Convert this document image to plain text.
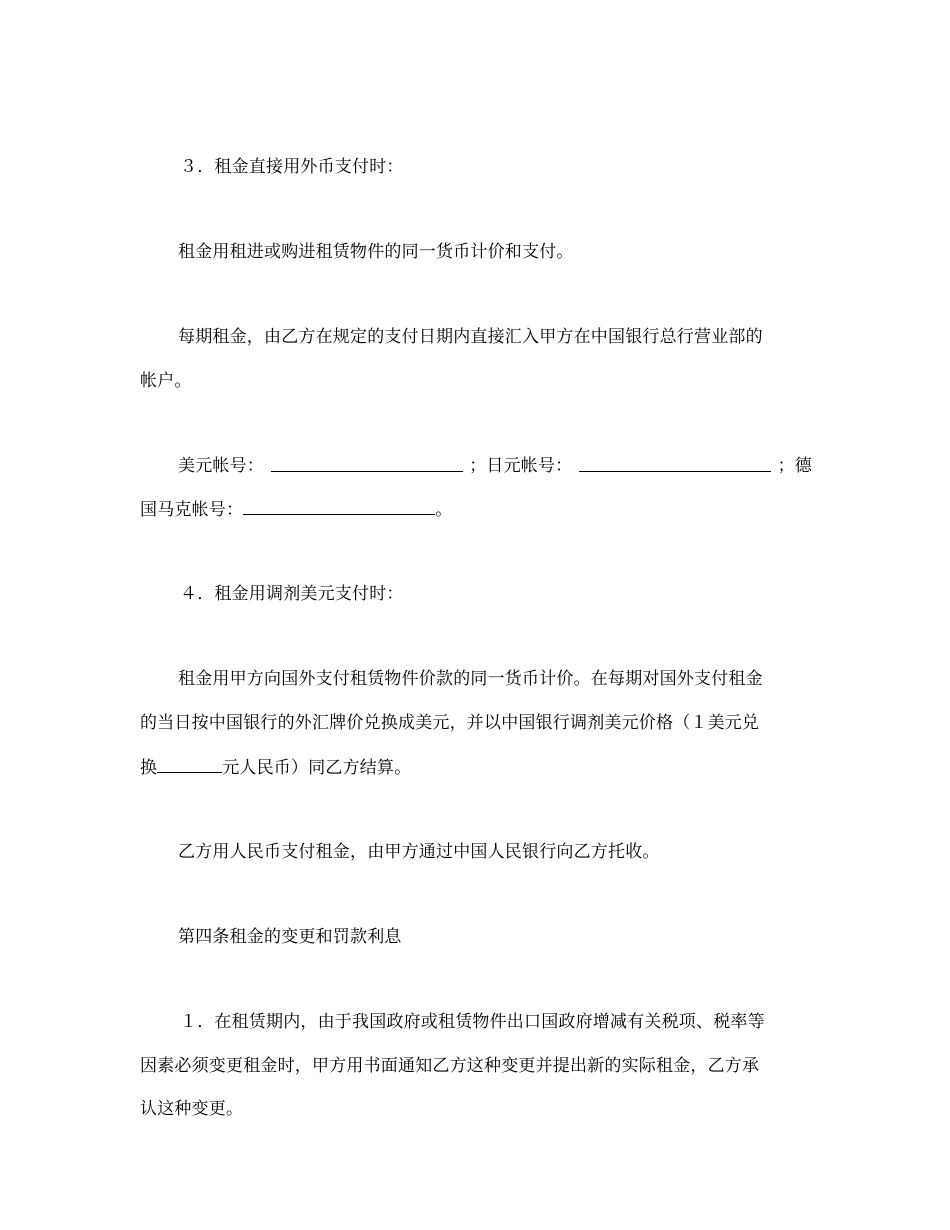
３．租金直接用外币支付时：
租金用租进或购进租赁物件的同一货币计价和支付。
每期租金，由乙方在规定的支付日期内直接汇入甲方在中国银行总行营业部的
帐户。
美元帐号：	；日元帐号：	；德
国马克帐号：	。
４．租金用调剂美元支付时：
租金用甲方向国外支付租赁物件价款的同一货币计价。在每期对国外支付租金
的当日按中国银行的外汇牌价兑换成美元，并以中国银行调剂美元价格（１美元兑
换	元人民币）同乙方结算。
乙方用人民币支付租金，由甲方通过中国人民银行向乙方托收。
第四条租金的变更和罚款利息
１．在租赁期内，由于我国政府或租赁物件出口国政府增减有关税项、税率等
因素必须变更租金时，甲方用书面通知乙方这种变更并提出新的实际租金，乙方承
认这种变更。
